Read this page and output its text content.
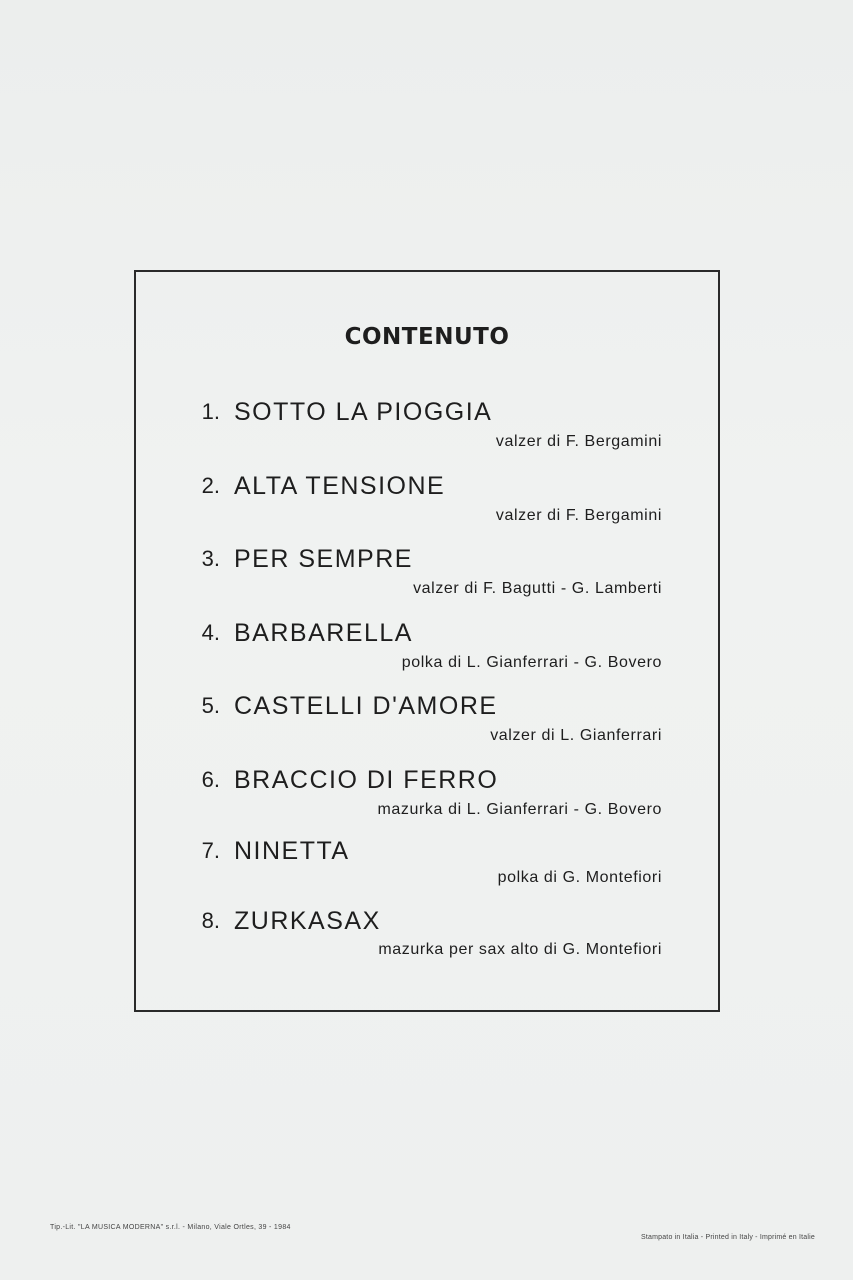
CONTENUTO
1. SOTTO LA PIOGGIA
valzer di F. Bergamini
2. ALTA TENSIONE
valzer di F. Bergamini
3. PER SEMPRE
valzer di F. Bagutti - G. Lamberti
4. BARBARELLA
polka di L. Gianferrari - G. Bovero
5. CASTELLI D'AMORE
valzer di L. Gianferrari
6. BRACCIO DI FERRO
mazurka di L. Gianferrari - G. Bovero
7. NINETTA
polka di G. Montefiori
8. ZURKASAX
mazurka per sax alto di G. Montefiori
Tip.-Lit. "LA MUSICA MODERNA" s.r.l. - Milano, Viale Ortles, 39 - 1984
Stampato in Italia - Printed in Italy - Imprimé en Italie
